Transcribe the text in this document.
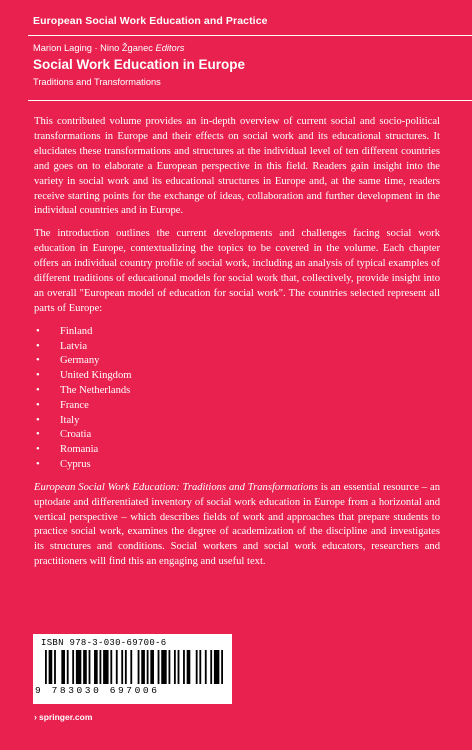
European Social Work Education and Practice
Marion Laging · Nino Žganec Editors
Social Work Education in Europe
Traditions and Transformations

This contributed volume provides an in-depth overview of current social and socio-political transformations in Europe and their effects on social work and its educational structures. It elucidates these transformations and structures at the individual level of ten different countries and goes on to elaborate a European perspective in this field. Readers gain insight into the variety in social work and its educational structures in Europe and, at the same time, readers receive starting points for the exchange of ideas, collaboration and further development in the individual countries and in Europe.

The introduction outlines the current developments and challenges facing social work education in Europe, contextualizing the topics to be covered in the volume. Each chapter offers an individual country profile of social work, including an analysis of typical examples of different traditions of educational models for social work that, collectively, provide insight into an overall "European model of education for social work". The countries selected represent all parts of Europe:

• Finland
• Latvia
• Germany
• United Kingdom
• The Netherlands
• France
• Italy
• Croatia
• Romania
• Cyprus

European Social Work Education: Traditions and Transformations is an essential resource – an uptodate and differentiated inventory of social work education in Europe from a horizontal and vertical perspective – which describes fields of work and approaches that prepare students to practice social work, examines the degree of academization of the discipline and investigates its structures and conditions. Social workers and social work educators, researchers and practitioners will find this an engaging and useful text.

ISBN 978-3-030-69700-6
9 783030 697006
› springer.com
